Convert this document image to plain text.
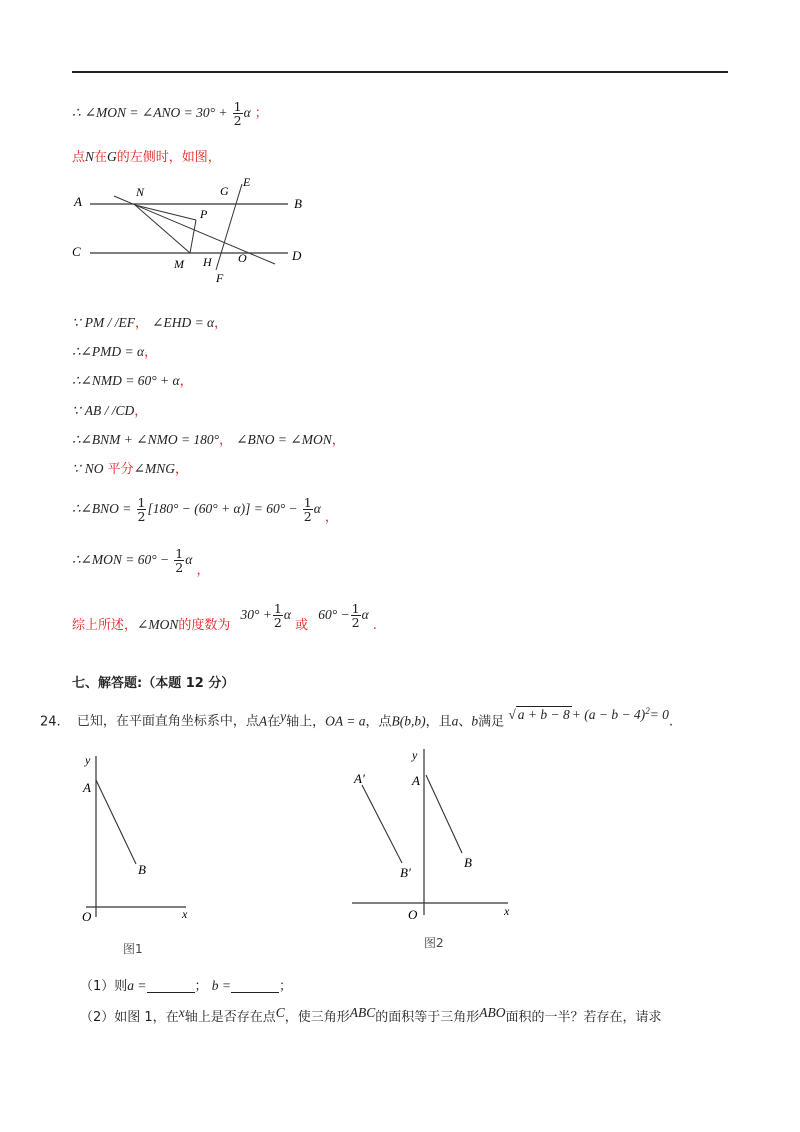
∴ ∠MON = ∠ANO = $30^\circ + \frac{1}{2}$ α ；
点N在G的左侧时，如图，
A	B
C	D
N	G
E
P
M H O
F
∵ PM / /EF， ∠EHD = α，
∴∠PMD = α，
∴∠NMD = 60° + α，
∵ AB / /CD，
∴∠BNM + ∠NMO = 180°， ∠BNO = ∠MON，
∵ NO 平分∠MNG，
∴∠BNO = $\frac{1}{2} [180^\circ - (60^\circ + \alpha)] = 60^\circ - \frac{1}{2}$ α ，
∴∠MON = $60^\circ - \frac{1}{2}$ α ，
综上所述，∠MON的度数为 $30^\circ + \frac{1}{2}$ α 或 $60^\circ - \frac{1}{2}$ α .
七、解答题:（本题 12 分）
24. 已知，在平面直角坐标系中，点A在y轴上，OA = a，点B(b,b)，且a、b满足 √ $a + b - 8 + (a - b - 4)^2= 0$.
y
A
B
O	x
图1
y
A
A′
B′
B
O	x
图2
（1）则a =	； b =	；
（2）如图 1，在x轴上是否存在点C，使三角形ABC的面积等于三角形ABO面积的一半？若存在，请求
